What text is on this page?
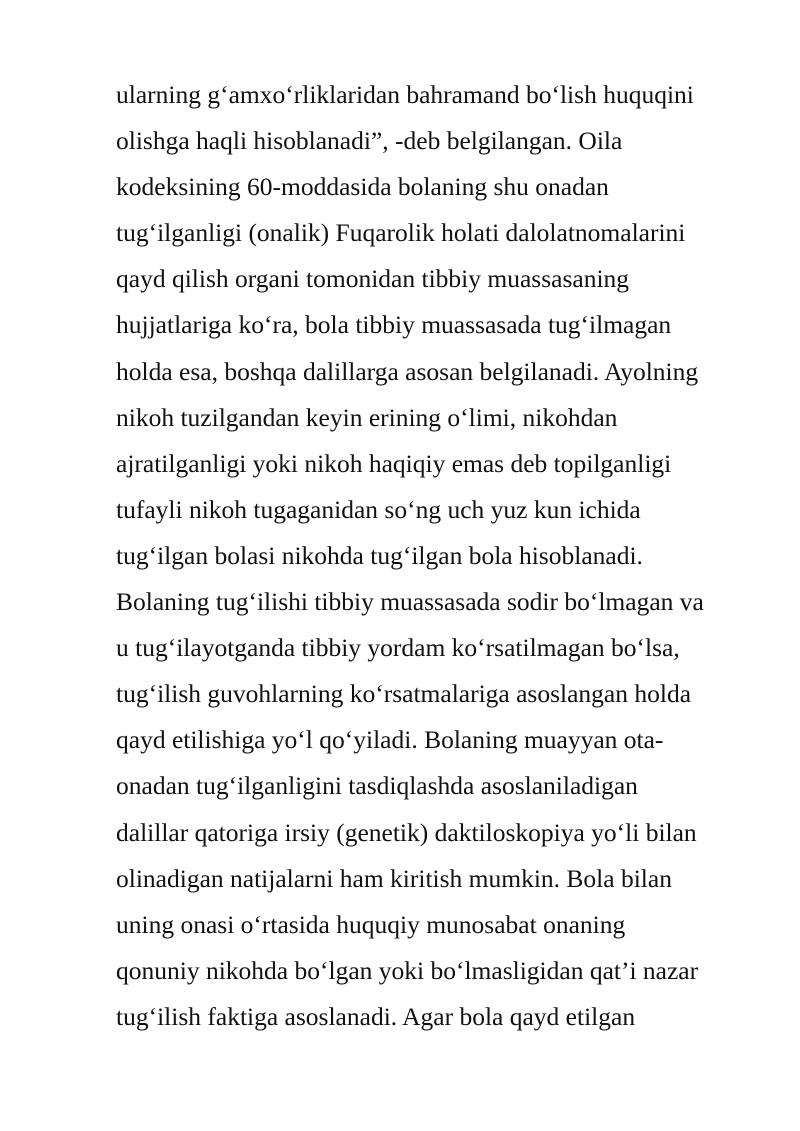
ularning g‘amxo‘rliklaridan bahramand bo‘lish huquqini
olishga haqli hisoblanadi”, -deb belgilangan. Oila
kodeksining 60-moddasida bolaning shu onadan
tug‘ilganligi (onalik) Fuqarolik holati dalolatnomalarini
qayd qilish organi tomonidan tibbiy muassasaning
hujjatlariga ko‘ra, bola tibbiy muassasada tug‘ilmagan
holda esa, boshqa dalillarga asosan belgilanadi. Ayolning
nikoh tuzilgandan keyin erining o‘limi, nikohdan
ajratilganligi yoki nikoh haqiqiy emas deb topilganligi
tufayli nikoh tugaganidan so‘ng uch yuz kun ichida
tug‘ilgan bolasi nikohda tug‘ilgan bola hisoblanadi.
Bolaning tug‘ilishi tibbiy muassasada sodir bo‘lmagan va
u tug‘ilayotganda tibbiy yordam ko‘rsatilmagan bo‘lsa,
tug‘ilish guvohlarning ko‘rsatmalariga asoslangan holda
qayd etilishiga yo‘l qo‘yiladi. Bolaning muayyan ota-
onadan tug‘ilganligini tasdiqlashda asoslaniladigan
dalillar qatoriga irsiy (genetik) daktiloskopiya yo‘li bilan
olinadigan natijalarni ham kiritish mumkin. Bola bilan
uning onasi o‘rtasida huquqiy munosabat onaning
qonuniy nikohda bo‘lgan yoki bo‘lmasligidan qat’i nazar
tug‘ilish faktiga asoslanadi. Agar bola qayd etilgan
